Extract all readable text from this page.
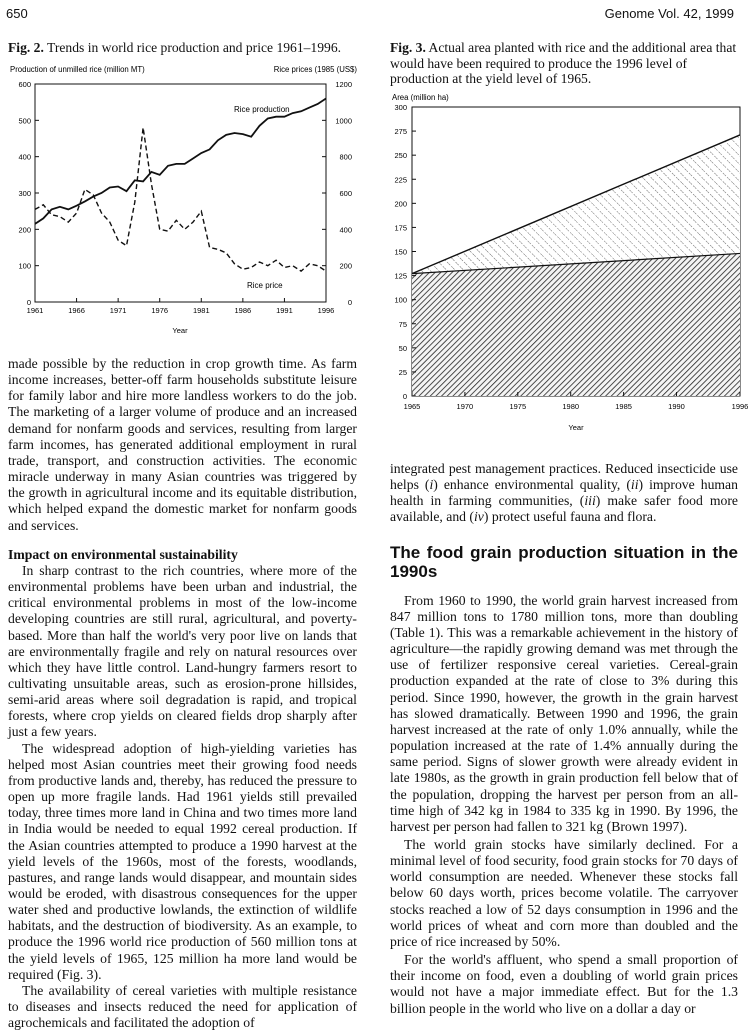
650	Genome Vol. 42, 1999
Fig. 2. Trends in world rice production and price 1961–1996.
Production of unmilled rice (million MT)	Rice prices (1985 (US$)
0
100
200
300
400
500
600
0
200
400
600
800
1000
1200
1961	1966	1971	1976	1981	1986	1991	1996
Rice production
Rice price
Year
Fig. 3. Actual area planted with rice and the additional area that would have been required to produce the 1996 level of production at the yield level of 1965.
Area (million ha)
0
25
50
75
100
125
150
175
200
225
250
275
300
1965	1970	1975	1980	1985	1990	1996
Year

made possible by the reduction in crop growth time. As farm income increases, better-off farm households substitute leisure for family labor and hire more landless workers to do the job. The marketing of a larger volume of produce and an increased demand for nonfarm goods and services, resulting from larger farm incomes, has generated additional employment in rural trade, transport, and construction activities. The economic miracle underway in many Asian countries was triggered by the growth in agricultural income and its equitable distribution, which helped expand the domestic market for nonfarm goods and services.

Impact on environmental sustainability

In sharp contrast to the rich countries, where more of the environmental problems have been urban and industrial, the critical environmental problems in most of the low-income developing countries are still rural, agricultural, and poverty-based. More than half the world's very poor live on lands that are environmentally fragile and rely on natural resources over which they have little control. Land-hungry farmers resort to cultivating unsuitable areas, such as erosion-prone hillsides, semi-arid areas where soil degradation is rapid, and tropical forests, where crop yields on cleared fields drop sharply after just a few years.

The widespread adoption of high-yielding varieties has helped most Asian countries meet their growing food needs from productive lands and, thereby, has reduced the pressure to open up more fragile lands. Had 1961 yields still prevailed today, three times more land in China and two times more land in India would be needed to equal 1992 cereal production. If the Asian countries attempted to produce a 1990 harvest at the yield levels of the 1960s, most of the forests, woodlands, pastures, and range lands would disappear, and mountain sides would be eroded, with disastrous consequences for the upper water shed and productive lowlands, the extinction of wildlife habitats, and the destruction of biodiversity. As an example, to produce the 1996 world rice production of 560 million tons at the yield levels of 1965, 125 million ha more land would be required (Fig. 3).

The availability of cereal varieties with multiple resistance to diseases and insects reduced the need for application of agrochemicals and facilitated the adoption of

integrated pest management practices. Reduced insecticide use helps (i) enhance environmental quality, (ii) improve human health in farming communities, (iii) make safer food more available, and (iv) protect useful fauna and flora.

The food grain production situation in the 1990s

From 1960 to 1990, the world grain harvest increased from 847 million tons to 1780 million tons, more than doubling (Table 1). This was a remarkable achievement in the history of agriculture—the rapidly growing demand was met through the use of fertilizer responsive cereal varieties. Cereal-grain production expanded at the rate of close to 3% during this period. Since 1990, however, the growth in the grain harvest has slowed dramatically. Between 1990 and 1996, the grain harvest increased at the rate of only 1.0% annually, while the population increased at the rate of 1.4% annually during the same period. Signs of slower growth were already evident in late 1980s, as the growth in grain production fell below that of the population, dropping the harvest per person from an all-time high of 342 kg in 1984 to 335 kg in 1990. By 1996, the harvest per person had fallen to 321 kg (Brown 1997).

The world grain stocks have similarly declined. For a minimal level of food security, food grain stocks for 70 days of world consumption are needed. Whenever these stocks fall below 60 days worth, prices become volatile. The carryover stocks reached a low of 52 days consumption in 1996 and the world prices of wheat and corn more than doubled and the price of rice increased by 50%.

For the world's affluent, who spend a small proportion of their income on food, even a doubling of world grain prices would not have a major immediate effect. But for the 1.3 billion people in the world who live on a dollar a day or
